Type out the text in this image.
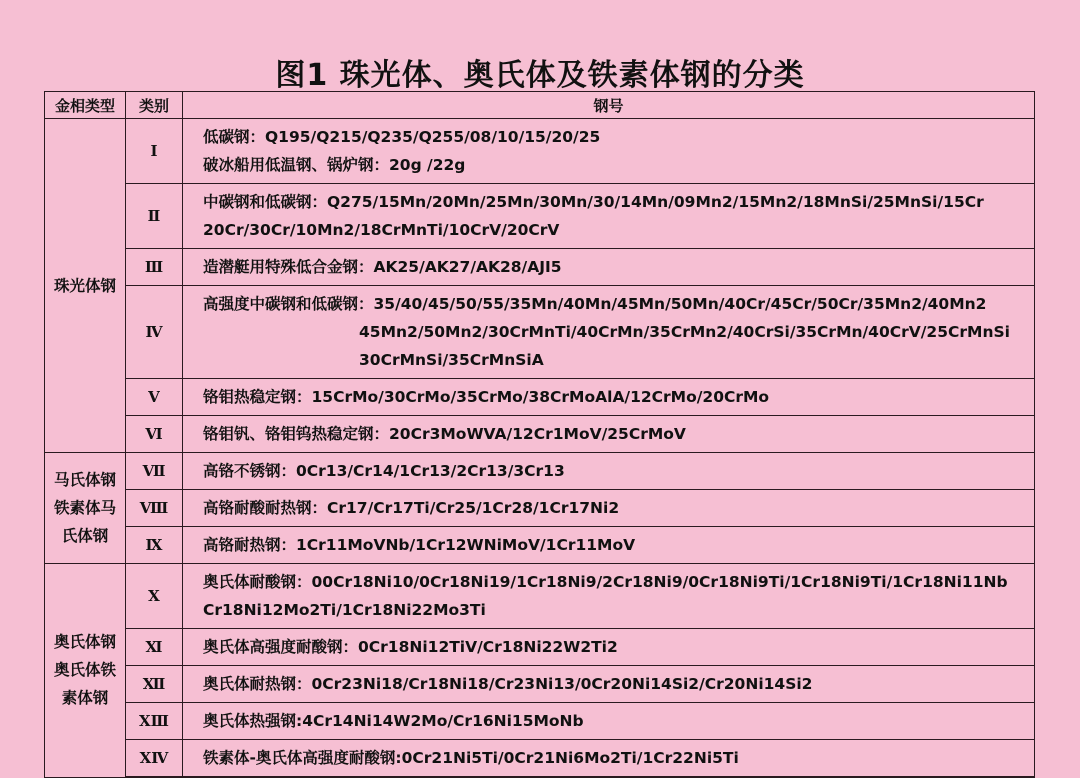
图1 珠光体、奥氏体及铁素体钢的分类
金相类型	类别	钢号

珠光体钢	Ⅰ	低碳钢：Q195/Q215/Q235/Q255/08/10/15/20/25
破冰船用低温钢、锅炉钢：20g /22g

	Ⅱ	中碳钢和低碳钢：Q275/15Mn/20Mn/25Mn/30Mn/30/14Mn/09Mn2/15Mn2/18MnSi/25MnSi/15Cr
20Cr/30Cr/10Mn2/18CrMnTi/10CrV/20CrV

	Ⅲ	造潜艇用特殊低合金钢：AK25/AK27/AK28/AJI5

	Ⅳ	高强度中碳钢和低碳钢：35/40/45/50/55/35Mn/40Mn/45Mn/50Mn/40Cr/45Cr/50Cr/35Mn2/40Mn2
45Mn2/50Mn2/30CrMnTi/40CrMn/35CrMn2/40CrSi/35CrMn/40CrV/25CrMnSi
30CrMnSi/35CrMnSiA

	Ⅴ	铬钼热稳定钢：15CrMo/30CrMo/35CrMo/38CrMoAlA/12CrMo/20CrMo

	Ⅵ	铬钼钒、铬钼钨热稳定钢：20Cr3MoWVA/12Cr1MoV/25CrMoV

马氏体钢
铁素体马
氏体钢	Ⅶ	高铬不锈钢：0Cr13/Cr14/1Cr13/2Cr13/3Cr13

	Ⅷ	高铬耐酸耐热钢：Cr17/Cr17Ti/Cr25/1Cr28/1Cr17Ni2

	Ⅸ	高铬耐热钢：1Cr11MoVNb/1Cr12WNiMoV/1Cr11MoV

奥氏体钢
奥氏体铁
素体钢	Ⅹ	奥氏体耐酸钢：00Cr18Ni10/0Cr18Ni19/1Cr18Ni9/2Cr18Ni9/0Cr18Ni9Ti/1Cr18Ni9Ti/1Cr18Ni11Nb
Cr18Ni12Mo2Ti/1Cr18Ni22Mo3Ti

	Ⅺ	奥氏体高强度耐酸钢：0Cr18Ni12TiV/Cr18Ni22W2Ti2

	Ⅻ	奥氏体耐热钢：0Cr23Ni18/Cr18Ni18/Cr23Ni13/0Cr20Ni14Si2/Cr20Ni14Si2

	XⅢ	奥氏体热强钢:4Cr14Ni14W2Mo/Cr16Ni15MoNb

	XⅣ	铁素体-奥氏体高强度耐酸钢:0Cr21Ni5Ti/0Cr21Ni6Mo2Ti/1Cr22Ni5Ti
